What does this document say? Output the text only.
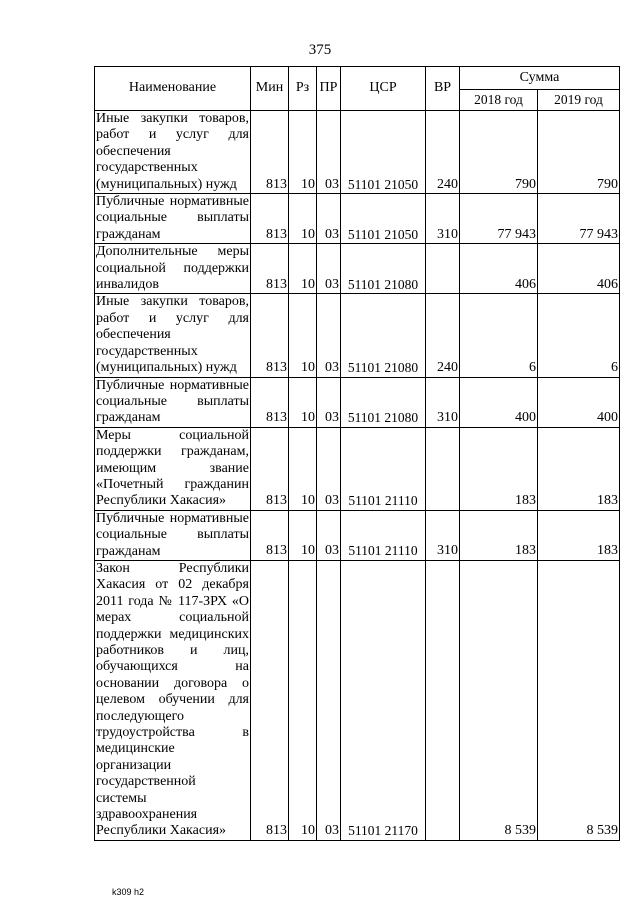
375
Наименование	Мин	Рз	ПР	ЦСР	ВР	Сумма	
						2018 год	2019 год
Иные закупки товаров, работ и услуг для обеспечения государственных (муниципальных) нужд	813	10	03	51101 21050	240	790	790
Публичные нормативные социальные выплаты гражданам	813	10	03	51101 21050	310	77 943	77 943
Дополнительные меры социальной поддержки инвалидов	813	10	03	51101 21080		406	406
Иные закупки товаров, работ и услуг для обеспечения государственных (муниципальных) нужд	813	10	03	51101 21080	240	6	6
Публичные нормативные социальные выплаты гражданам	813	10	03	51101 21080	310	400	400
Меры социальной поддержки гражданам, имеющим звание «Почетный гражданин Республики Хакасия»	813	10	03	51101 21110		183	183
Публичные нормативные социальные выплаты гражданам	813	10	03	51101 21110	310	183	183
Закон Республики Хакасия от 02 декабря 2011 года № 117-ЗРХ «О мерах социальной поддержки медицинских работников и лиц, обучающихся на основании договора о целевом обучении для последующего трудоустройства в медицинские организации государственной системы здравоохранения Республики Хакасия»	813	10	03	51101 21170		8 539	8 539
k309 h2
